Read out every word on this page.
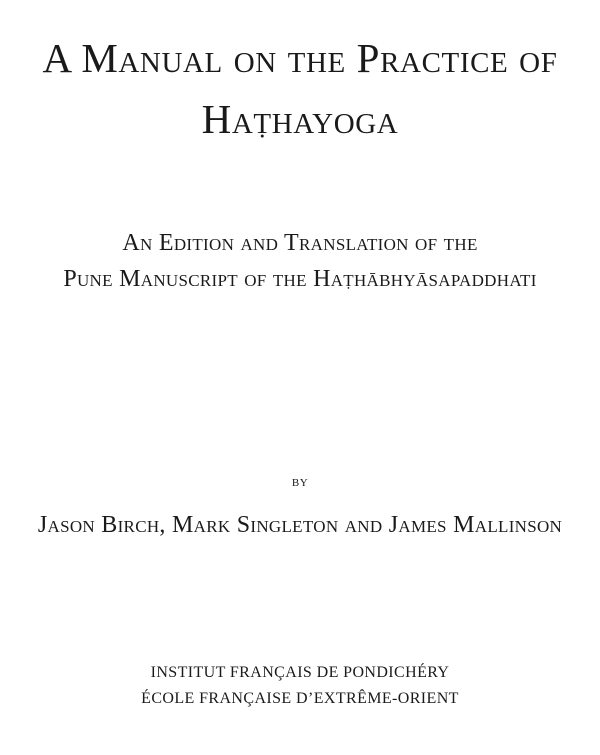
A Manual on the Practice of
Haṭhayoga
An Edition and Translation of the
Pune Manuscript of the Haṭhābhyāsapaddhati
by
Jason Birch, Mark Singleton and James Mallinson
INSTITUT FRANÇAIS DE PONDICHÉRY
ÉCOLE FRANÇAISE D’EXTRÊME-ORIENT
